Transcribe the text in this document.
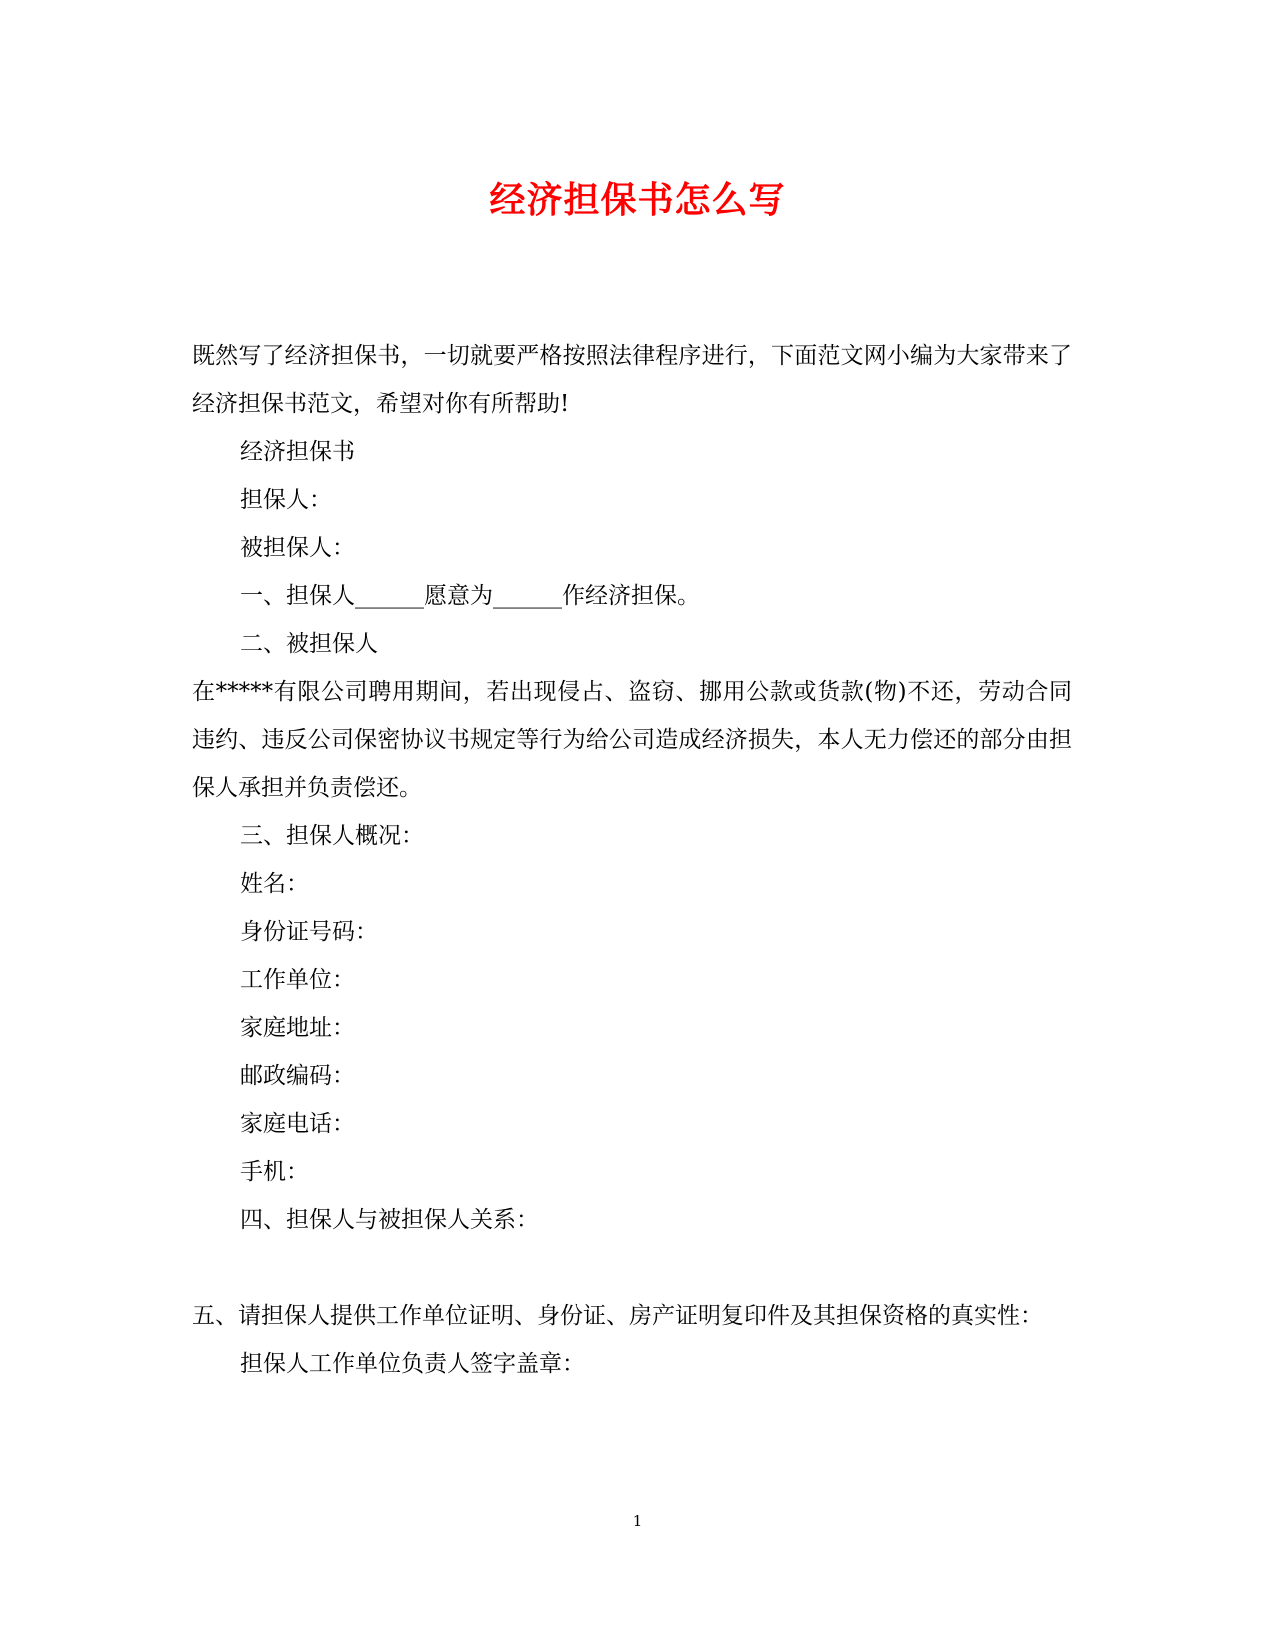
经济担保书怎么写

既然写了经济担保书，一切就要严格按照法律程序进行，下面范文网小编为大家带来了经济担保书范文，希望对你有所帮助!

经济担保书

担保人：

被担保人：

一、担保人______愿意为______作经济担保。

二、被担保人

在*****有限公司聘用期间，若出现侵占、盗窃、挪用公款或货款(物)不还，劳动合同违约、违反公司保密协议书规定等行为给公司造成经济损失，本人无力偿还的部分由担保人承担并负责偿还。

三、担保人概况：

姓名：

身份证号码：

工作单位：

家庭地址：

邮政编码：

家庭电话：

手机：

四、担保人与被担保人关系：

五、请担保人提供工作单位证明、身份证、房产证明复印件及其担保资格的真实性：

担保人工作单位负责人签字盖章：

1
